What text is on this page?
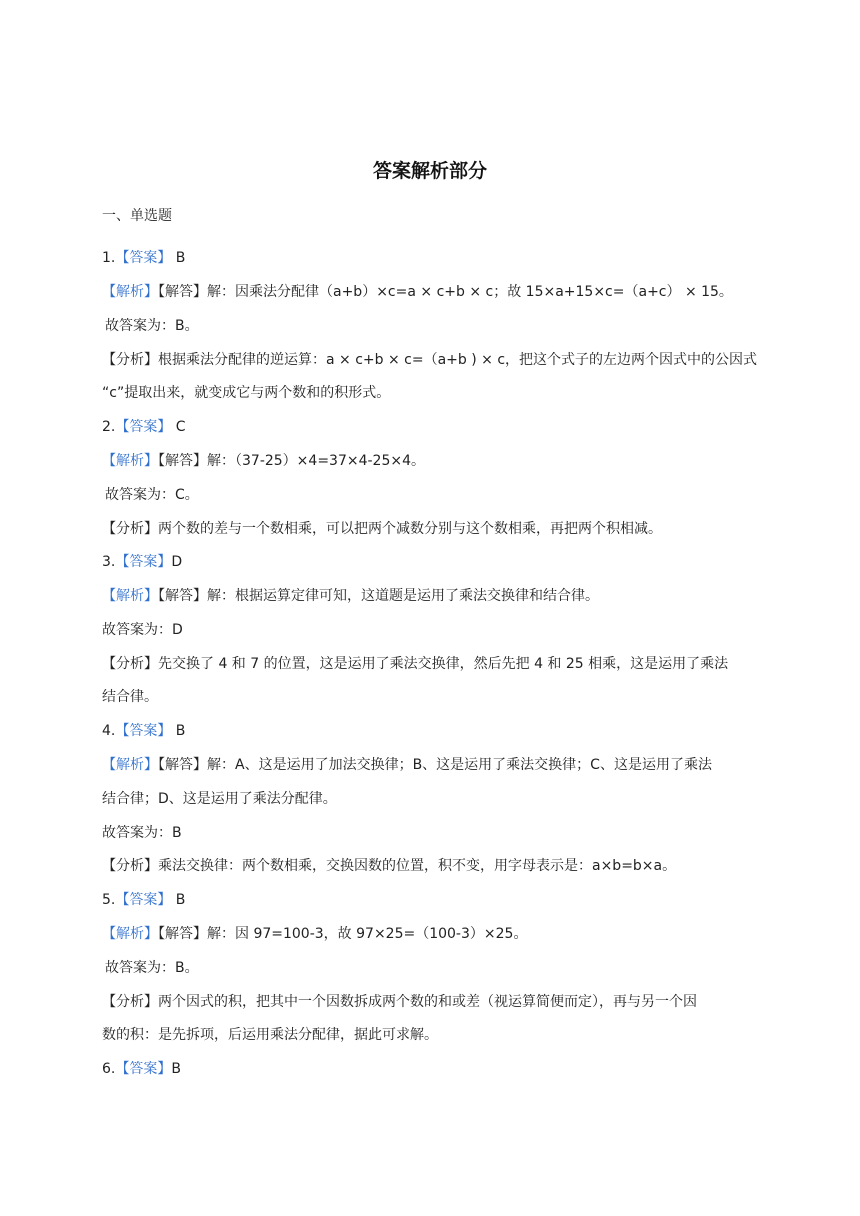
答案解析部分
一、单选题
1.【答案】 B
【解析】【解答】解：因乘法分配律（a+b）×c=a × c+b × c；故 15×a+15×c=（a+c） × 15。
故答案为：B。
【分析】根据乘法分配律的逆运算：a × c+b × c=（a+b ) × c，把这个式子的左边两个因式中的公因式
“c”提取出来，就变成它与两个数和的积形式。
2.【答案】 C
【解析】【解答】解：（37-25）×4=37×4-25×4。
故答案为：C。
【分析】两个数的差与一个数相乘，可以把两个减数分别与这个数相乘，再把两个积相减。
3.【答案】D
【解析】【解答】解：根据运算定律可知，这道题是运用了乘法交换律和结合律。
故答案为：D
【分析】先交换了 4 和 7 的位置，这是运用了乘法交换律，然后先把 4 和 25 相乘，这是运用了乘法
结合律。
4.【答案】 B
【解析】【解答】解：A、这是运用了加法交换律；B、这是运用了乘法交换律；C、这是运用了乘法
结合律；D、这是运用了乘法分配律。
故答案为：B
【分析】乘法交换律：两个数相乘，交换因数的位置，积不变，用字母表示是：a×b=b×a。
5.【答案】 B
【解析】【解答】解：因 97=100-3，故 97×25=（100-3）×25。
故答案为：B。
【分析】两个因式的积，把其中一个因数拆成两个数的和或差（视运算简便而定），再与另一个因
数的积：是先拆项，后运用乘法分配律，据此可求解。
6.【答案】B
